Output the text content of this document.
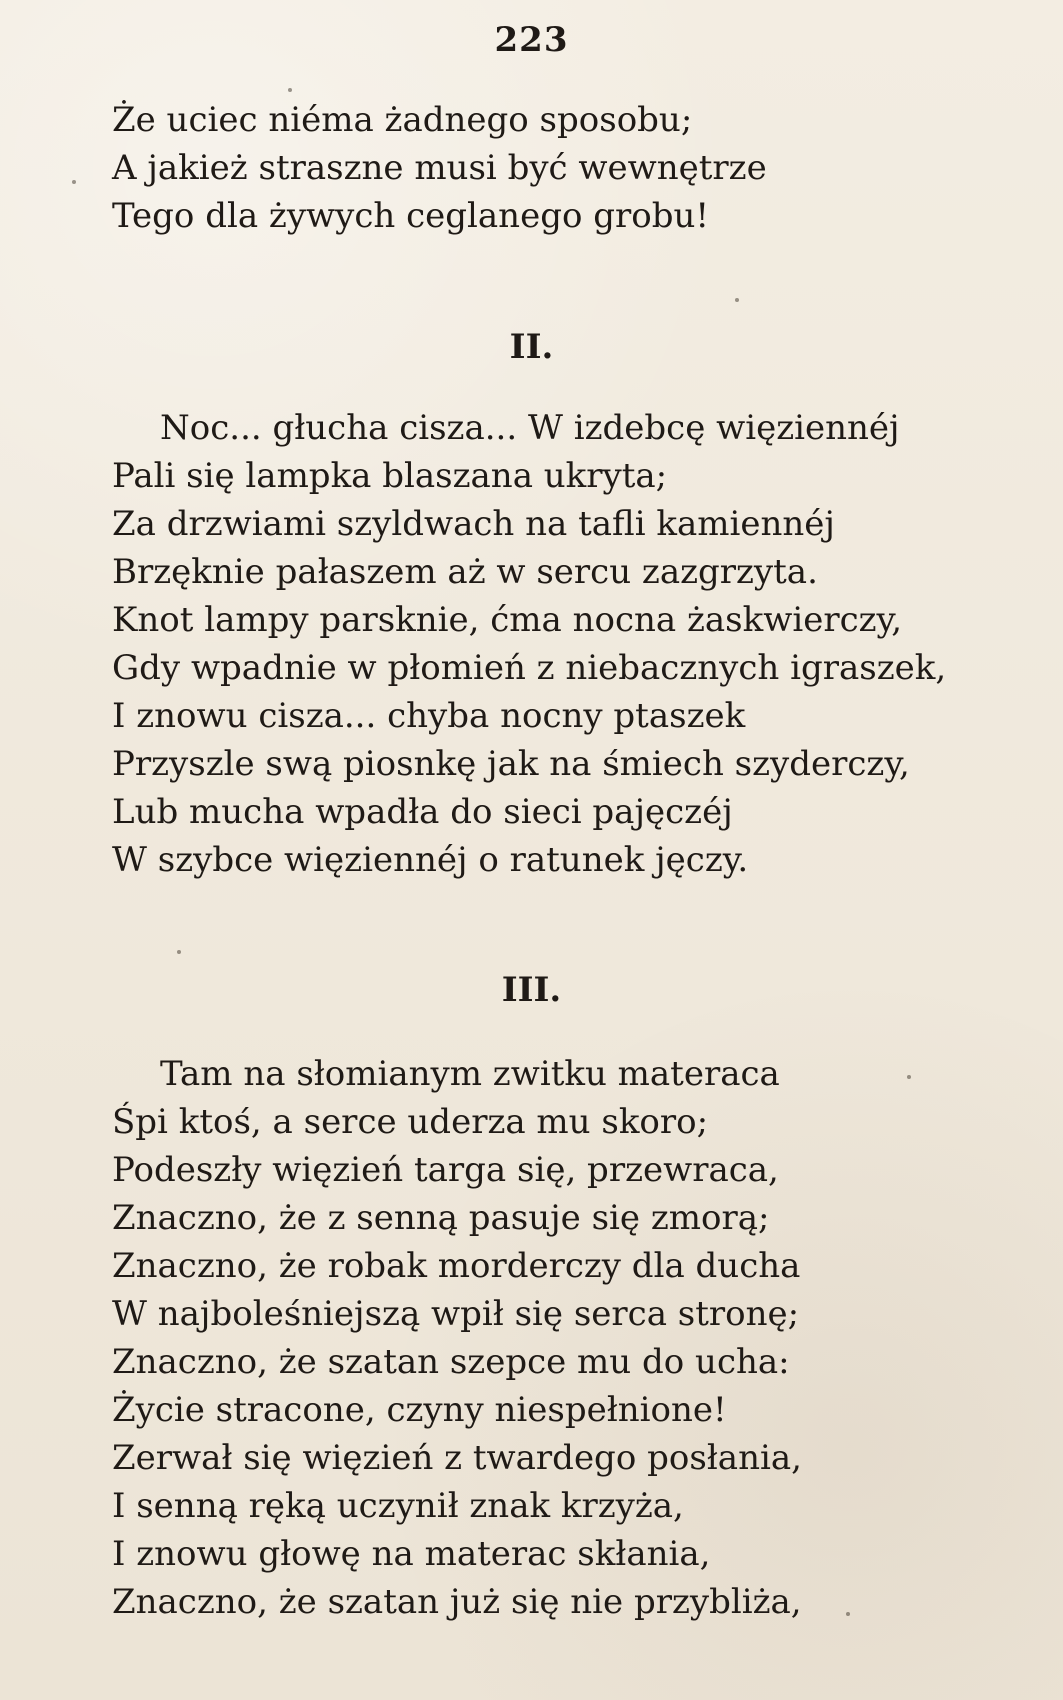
223
Że uciec niéma żadnego sposobu;
A jakież straszne musi być wewnętrze
Tego dla żywych ceglanego grobu!
II.
Noc... głucha cisza... W izdebcę więziennéj
Pali się lampka blaszana ukryta;
Za drzwiami szyldwach na tafli kamiennéj
Brzęknie pałaszem aż w sercu zazgrzyta.
Knot lampy parsknie, ćma nocna żaskwierczy,
Gdy wpadnie w płomień z niebacznych igraszek,
I znowu cisza... chyba nocny ptaszek
Przyszle swą piosnkę jak na śmiech szyderczy,
Lub mucha wpadła do sieci pajęczéj
W szybce więziennéj o ratunek jęczy.
III.
Tam na słomianym zwitku materaca
Śpi ktoś, a serce uderza mu skoro;
Podeszły więzień targa się, przewraca,
Znaczno, że z senną pasuje się zmorą;
Znaczno, że robak morderczy dla ducha
W najboleśniejszą wpił się serca stronę;
Znaczno, że szatan szepce mu do ucha:
Życie stracone, czyny niespełnione!
Zerwał się więzień z twardego posłania,
I senną ręką uczynił znak krzyża,
I znowu głowę na materac skłania,
Znaczno, że szatan już się nie przybliża,
